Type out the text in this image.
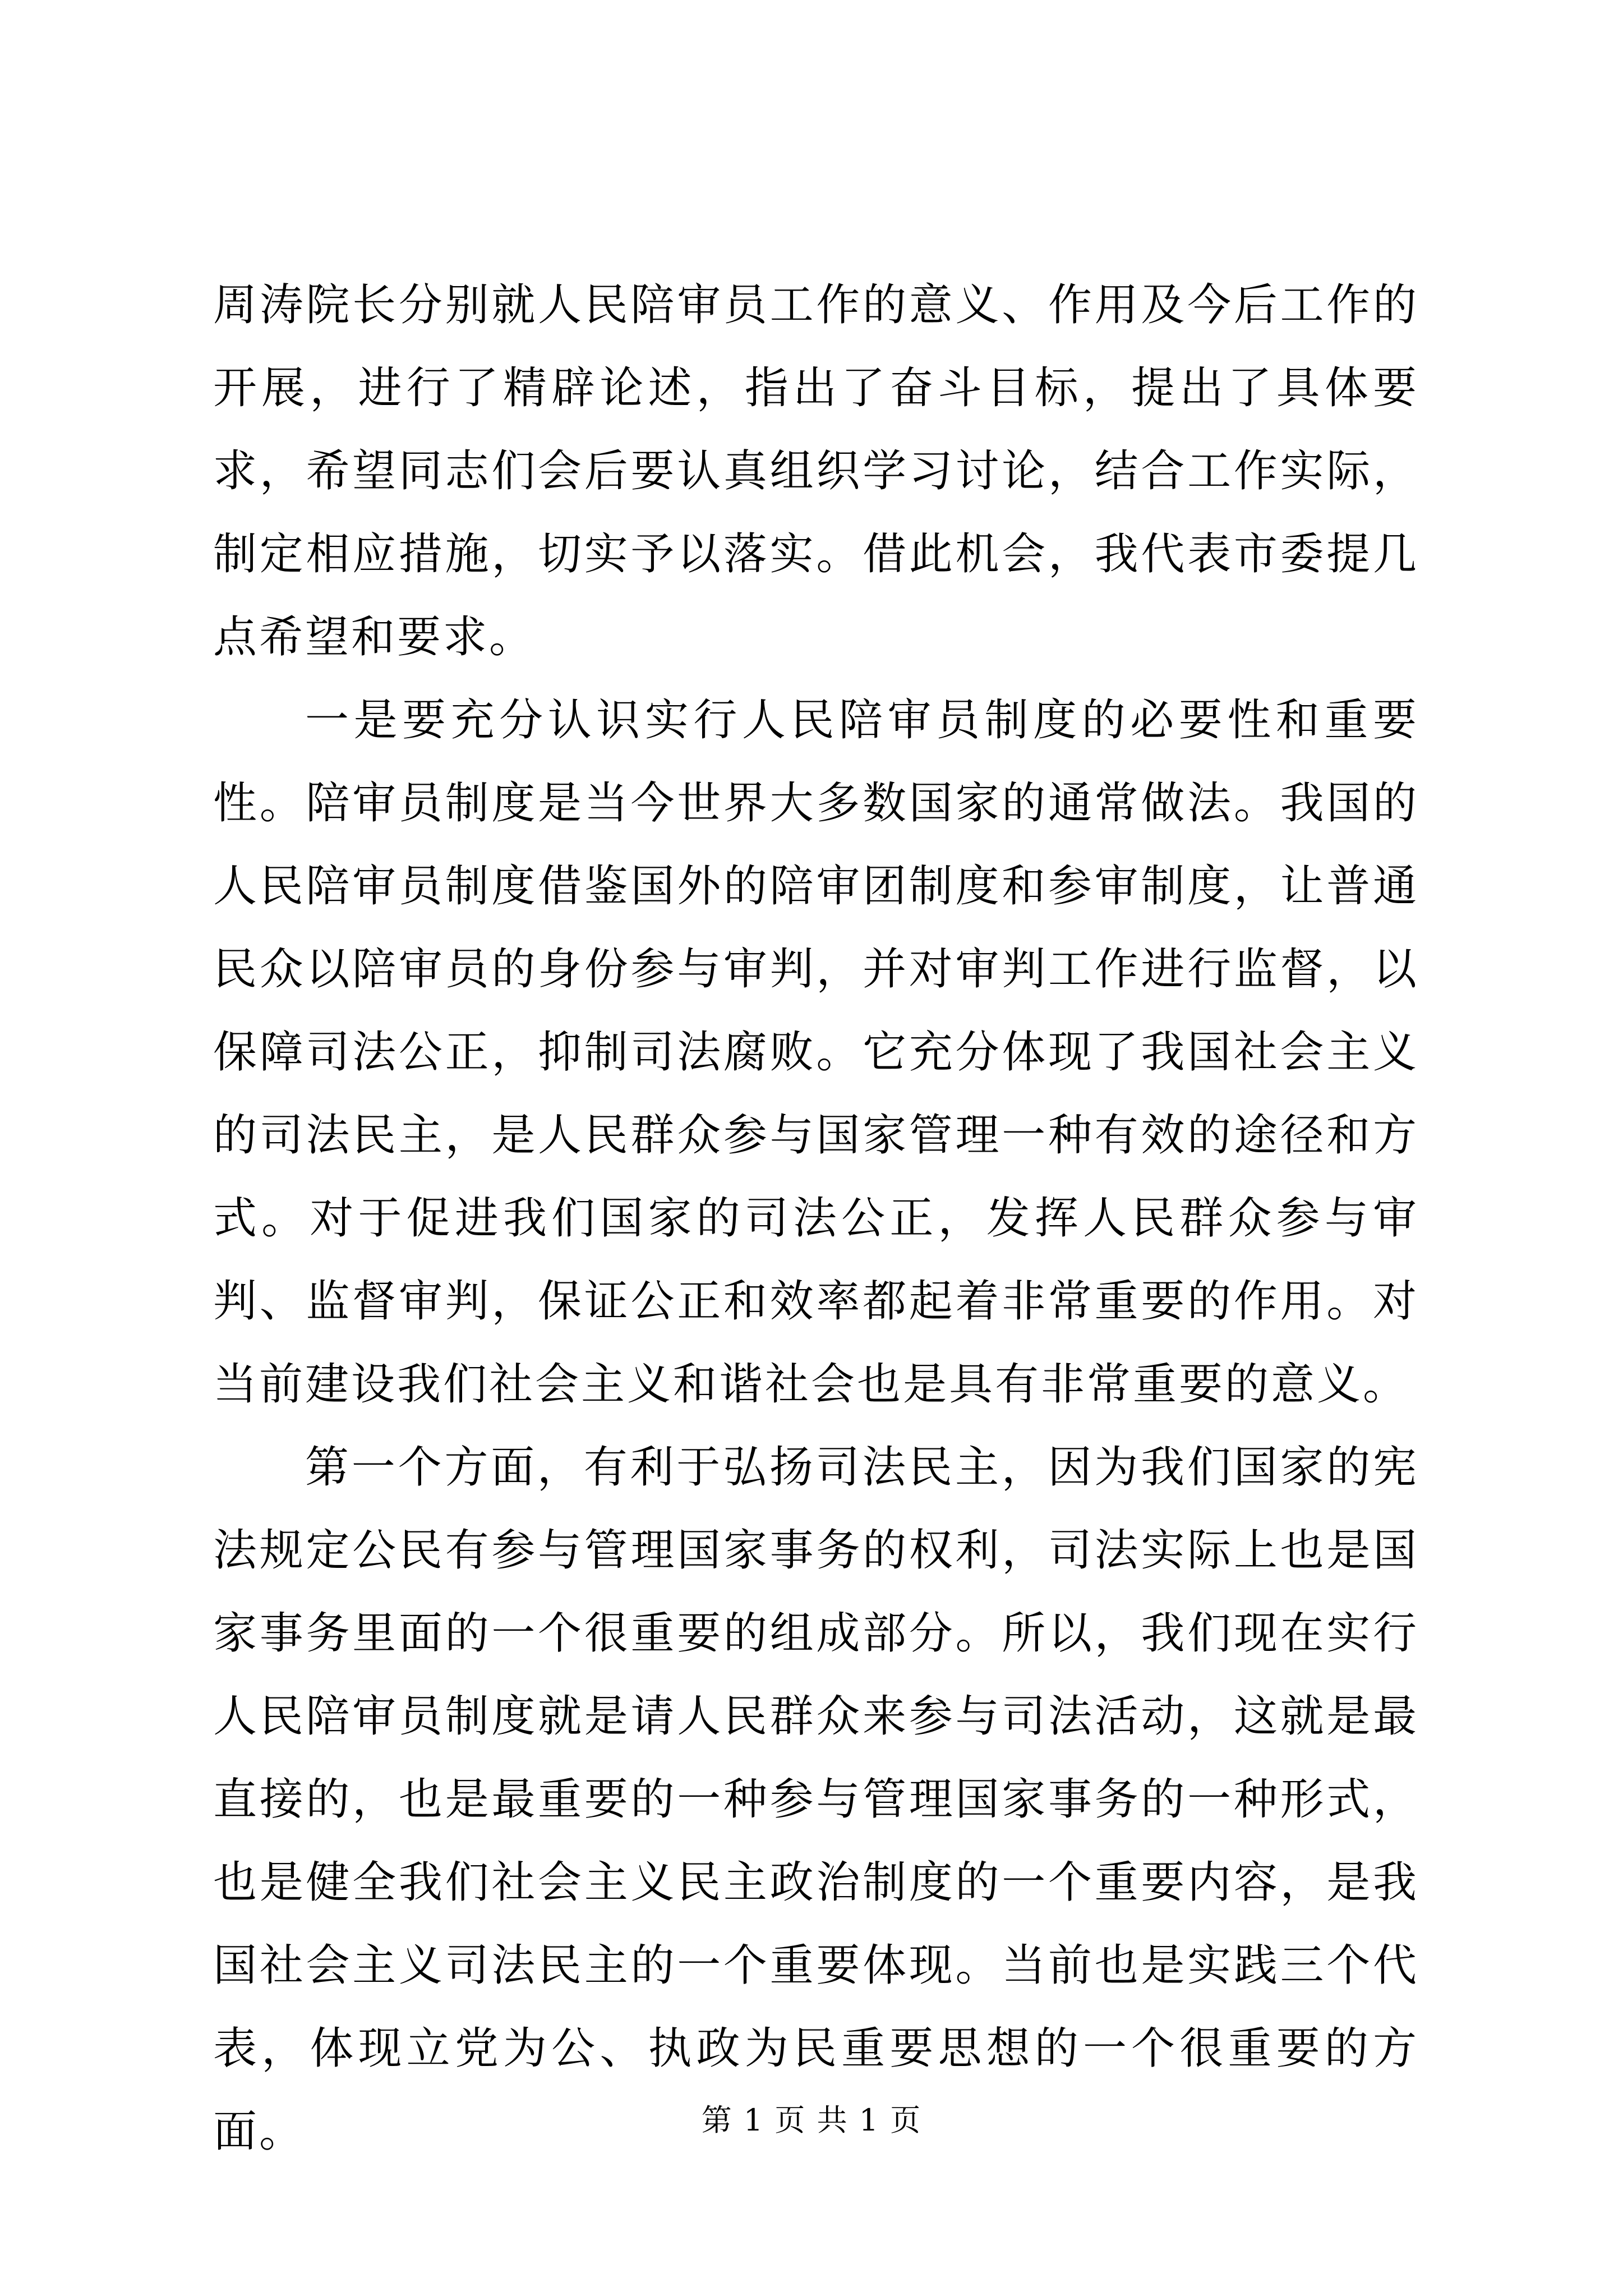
周涛院长分别就人民陪审员工作的意义、作用及今后工作的开展，进行了精辟论述，指出了奋斗目标，提出了具体要求，希望同志们会后要认真组织学习讨论，结合工作实际，制定相应措施，切实予以落实。借此机会，我代表市委提几点希望和要求。

一是要充分认识实行人民陪审员制度的必要性和重要性。陪审员制度是当今世界大多数国家的通常做法。我国的人民陪审员制度借鉴国外的陪审团制度和参审制度，让普通民众以陪审员的身份参与审判，并对审判工作进行监督，以保障司法公正，抑制司法腐败。它充分体现了我国社会主义的司法民主，是人民群众参与国家管理一种有效的途径和方式。对于促进我们国家的司法公正，发挥人民群众参与审判、监督审判，保证公正和效率都起着非常重要的作用。对当前建设我们社会主义和谐社会也是具有非常重要的意义。

第一个方面，有利于弘扬司法民主，因为我们国家的宪法规定公民有参与管理国家事务的权利，司法实际上也是国家事务里面的一个很重要的组成部分。所以，我们现在实行人民陪审员制度就是请人民群众来参与司法活动，这就是最直接的，也是最重要的一种参与管理国家事务的一种形式，也是健全我们社会主义民主政治制度的一个重要内容，是我国社会主义司法民主的一个重要体现。当前也是实践三个代表，体现立党为公、执政为民重要思想的一个很重要的方面。	第 1 页 共 1 页
